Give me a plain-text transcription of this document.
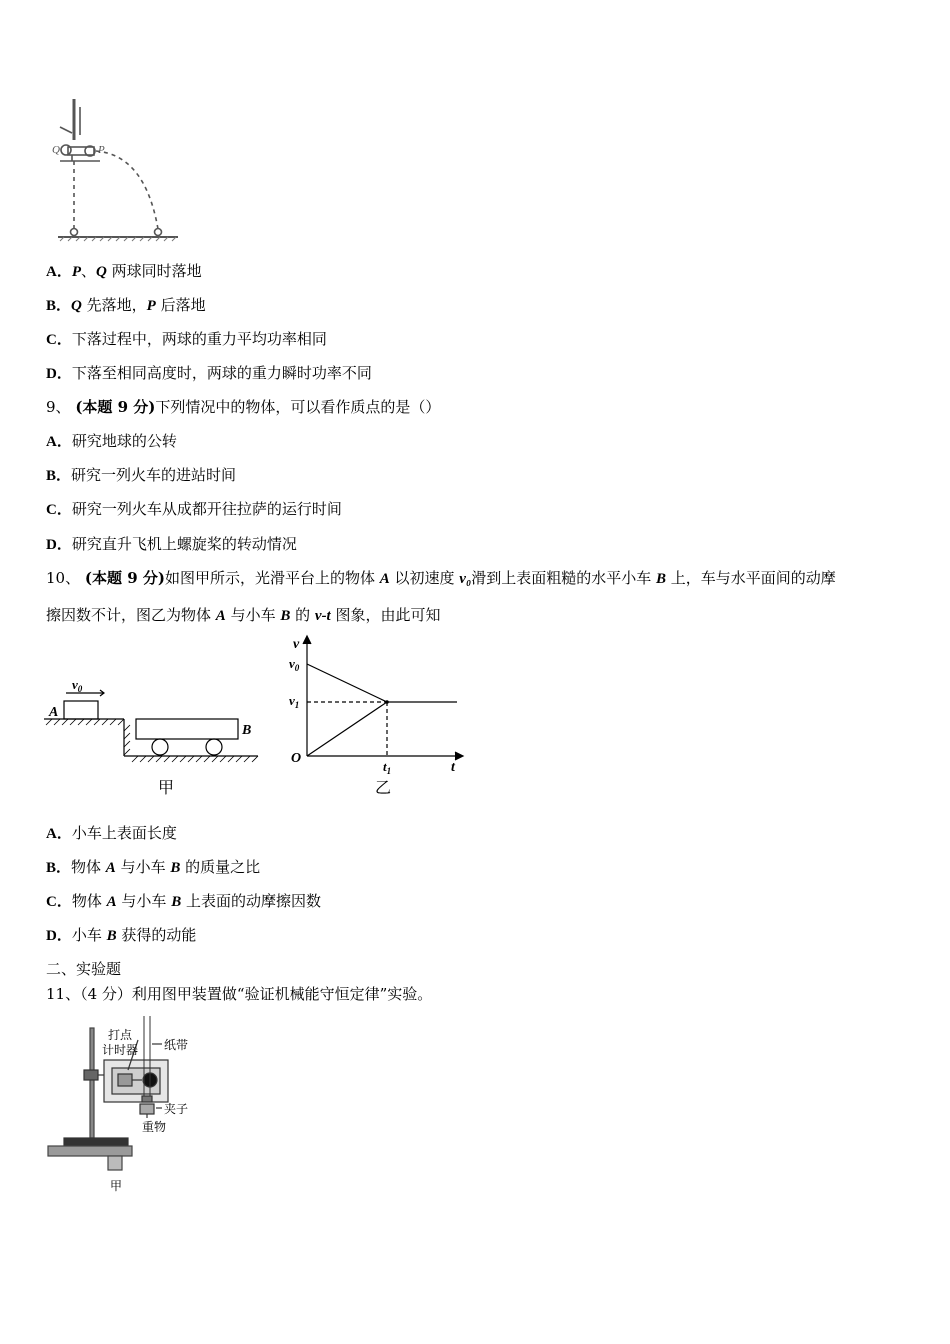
Q	P
A．P、Q 两球同时落地
B．Q 先落地，P 后落地
C．下落过程中，两球的重力平均功率相同
D．下落至相同高度时，两球的重力瞬时功率不同
9、 (本题 9 分)下列情况中的物体，可以看作质点的是（）
A．研究地球的公转
B．研究一列火车的进站时间
C．研究一列火车从成都开往拉萨的运行时间
D．研究直升飞机上螺旋桨的转动情况
10、 (本题 9 分)如图甲所示，光滑平台上的物体 A 以初速度 v₀滑到上表面粗糙的水平小车 B 上，车与水平面间的动摩
擦因数不计，图乙为物体 A 与小车 B 的 v-t 图象，由此可知
$v_0$
A
B
甲
v
$v_0$
$v_1$
O
$t_1$	t
乙
A．小车上表面长度
B．物体 A 与小车 B 的质量之比
C．物体 A 与小车 B 上表面的动摩擦因数
D．小车 B 获得的动能
二、实验题
11、（4 分）利用图甲装置做“验证机械能守恒定律”实验。
打点
计时器 纸带
夹子
重物
甲
